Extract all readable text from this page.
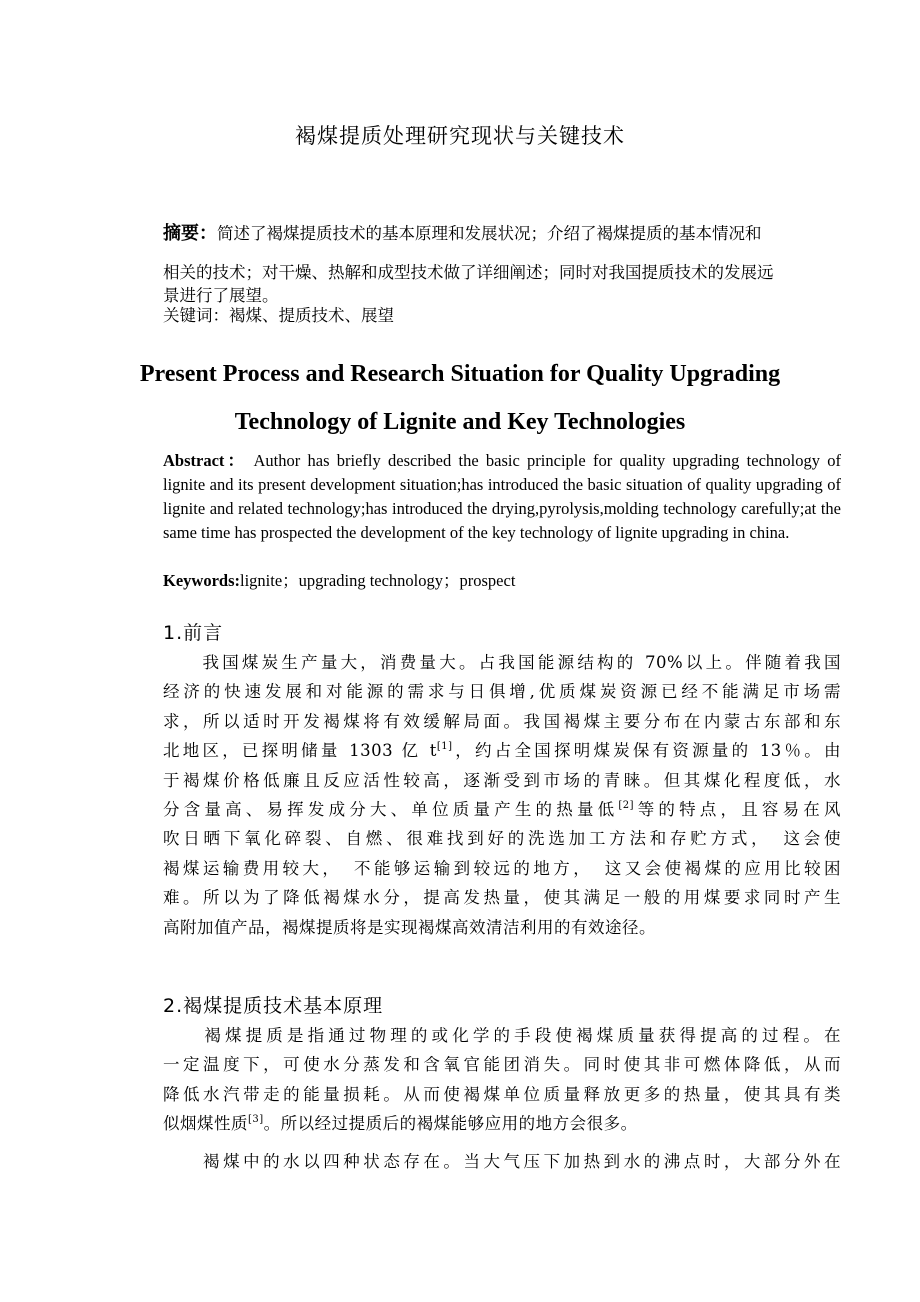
褐煤提质处理研究现状与关键技术
摘要：简述了褐煤提质技术的基本原理和发展状况；介绍了褐煤提质的基本情况和
相关的技术；对干燥、热解和成型技术做了详细阐述；同时对我国提质技术的发展远
景进行了展望。
关键词：褐煤、提质技术、展望
Present Process and Research Situation for Quality Upgrading
Technology of Lignite and Key Technologies

Abstract： Author has briefly described the basic principle for quality upgrading technology of lignite and its present development situation;has introduced the basic situation of quality upgrading of lignite and related technology;has introduced the drying,pyrolysis,molding technology carefully;at the same time has prospected the development of the key technology of lignite upgrading in china.

Keywords:lignite；upgrading technology；prospect
1.前言
　　我国煤炭生产量大，消费量大。占我国能源结构的 70%以上。伴随着我国
经济的快速发展和对能源的需求与日俱增,优质煤炭资源已经不能满足市场需
求，所以适时开发褐煤将有效缓解局面。我国褐煤主要分布在内蒙古东部和东
北地区，已探明储量 1303 亿 t[1]，约占全国探明煤炭保有资源量的 13％。由
于褐煤价格低廉且反应活性较高，逐渐受到市场的青睐。但其煤化程度低，水
分含量高、易挥发成分大、单位质量产生的热量低[2]等的特点，且容易在风
吹日晒下氧化碎裂、自燃、很难找到好的洗选加工方法和存贮方式，　这会使
褐煤运输费用较大，　不能够运输到较远的地方，　这又会使褐煤的应用比较困
难。所以为了降低褐煤水分，提高发热量，使其满足一般的用煤要求同时产生
高附加值产品，褐煤提质将是实现褐煤高效清洁利用的有效途径。
2.褐煤提质技术基本原理
　　褐煤提质是指通过物理的或化学的手段使褐煤质量获得提高的过程。在
一定温度下，可使水分蒸发和含氧官能团消失。同时使其非可燃体降低，从而
降低水汽带走的能量损耗。从而使褐煤单位质量释放更多的热量，使其具有类
似烟煤性质[3]。所以经过提质后的褐煤能够应用的地方会很多。
　　褐煤中的水以四种状态存在。当大气压下加热到水的沸点时，大部分外在
